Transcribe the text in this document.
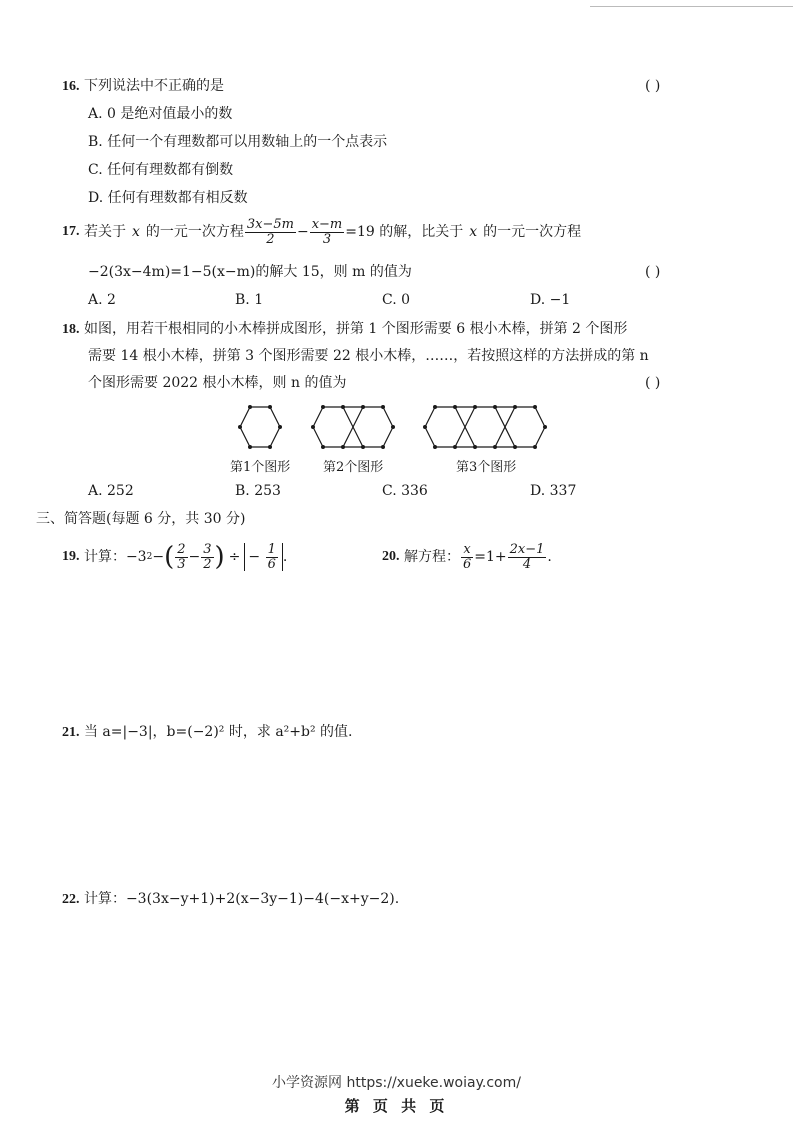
16. 下列说法中不正确的是	( )
A. 0 是绝对值最小的数
B. 任何一个有理数都可以用数轴上的一个点表示
C. 任何有理数都有倒数
D. 任何有理数都有相反数
17.
若关于 x 的一元一次方程 $\frac{3x-5m}{2} - \frac{x-m}{3} =19$ 的解，比关于 x 的一元一次方程
−2(3x−4m)=1−5(x−m)的解大 15，则 m 的值为	( )
A. 2	B. 1	C. 0	D. −1
18. 如图，用若干根相同的小木棒拼成图形，拼第 1 个图形需要 6 根小木棒，拼第 2 个图形
需要 14 根小木棒，拼第 3 个图形需要 22 根小木棒，……，若按照这样的方法拼成的第 n
个图形需要 2022 根小木棒，则 n 的值为	( )
第1个图形	第2个图形	第3个图形
A. 252	B. 253	C. 336	D. 337
三、简答题(每题 6 分，共 30 分)
19.
计算： −3 2 − ( $\frac{2}{3} - \frac{3}{2}$ ) ÷ − $\frac{1}{6}$ .	20.
解方程： $\frac{x}{6} =1+ \frac{2x-1}{4}$ .
21. 当 a=|−3|，b=(−2)² 时，求 a²+b² 的值.
22. 计算：−3(3x−y+1)+2(x−3y−1)−4(−x+y−2).
小学资源网 https://xueke.woiay.com/
第 页 共 页
